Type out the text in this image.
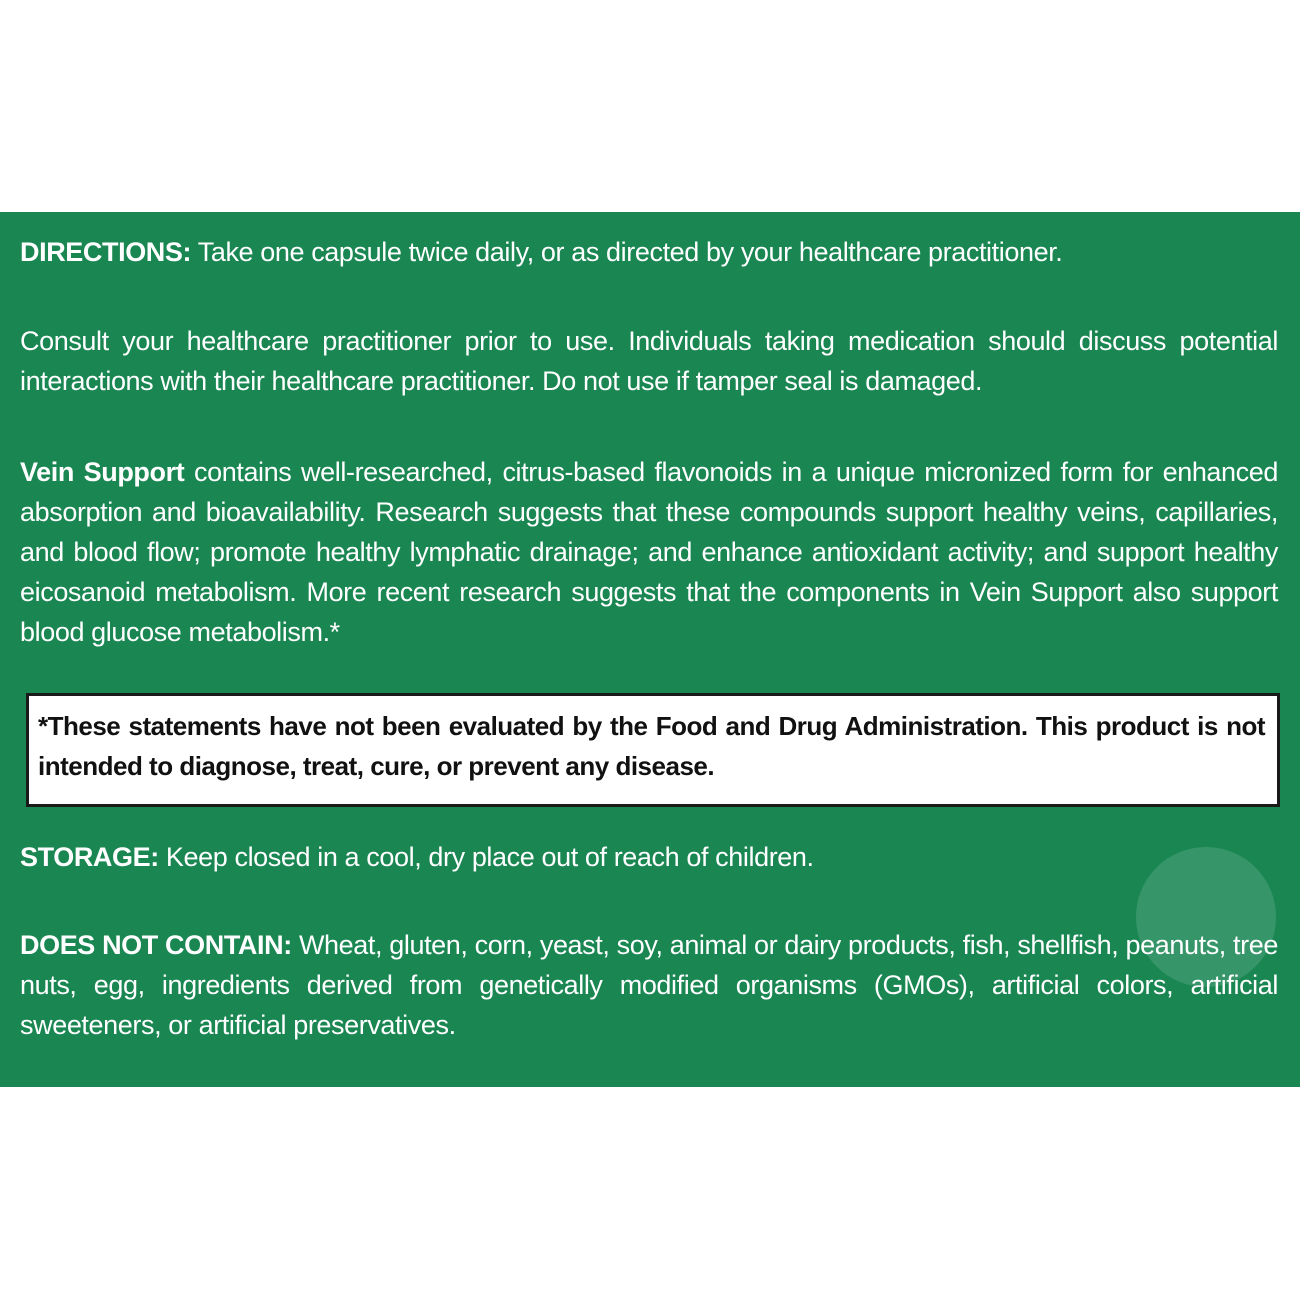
DIRECTIONS: Take one capsule twice daily, or as directed by your healthcare practitioner.

Consult your healthcare practitioner prior to use. Individuals taking medication should discuss potential interactions with their healthcare practitioner. Do not use if tamper seal is damaged.

Vein Support contains well-researched, citrus-based flavonoids in a unique micronized form for enhanced absorption and bioavailability. Research suggests that these compounds support healthy veins, capillaries, and blood flow; promote healthy lymphatic drainage; and enhance antioxidant activity; and support healthy eicosanoid metabolism. More recent research suggests that the components in Vein Support also support blood glucose metabolism.*

*These statements have not been evaluated by the Food and Drug Administration. This product is not intended to diagnose, treat, cure, or prevent any disease.

STORAGE: Keep closed in a cool, dry place out of reach of children.

DOES NOT CONTAIN: Wheat, gluten, corn, yeast, soy, animal or dairy products, fish, shellfish, peanuts, tree nuts, egg, ingredients derived from genetically modified organisms (GMOs), artificial colors, artificial sweeteners, or artificial preservatives.
